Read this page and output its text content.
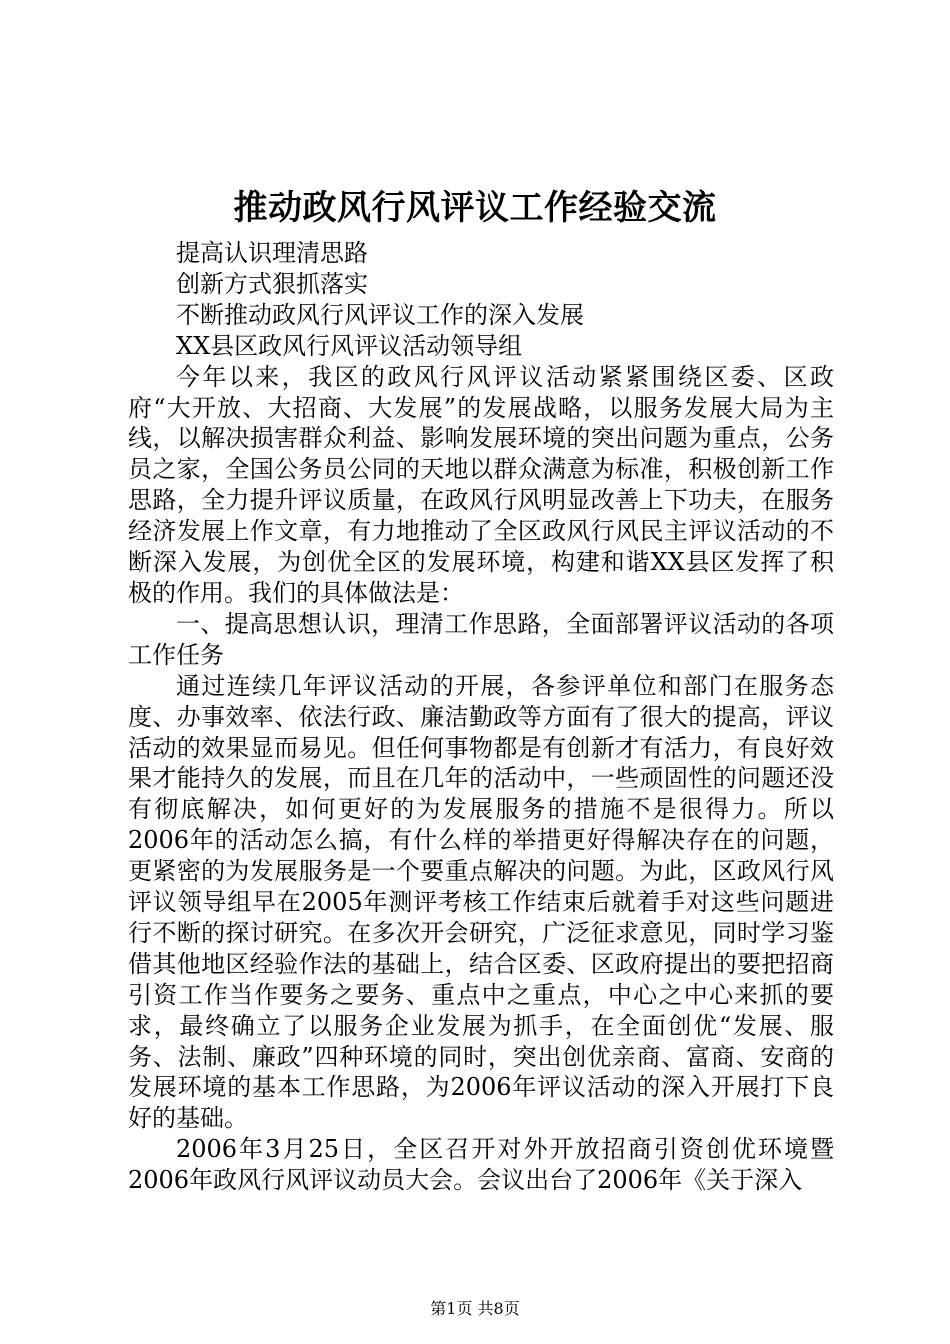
推动政风行风评议工作经验交流

提高认识理清思路

创新方式狠抓落实

不断推动政风行风评议工作的深入发展

XX县区政风行风评议活动领导组

今年以来，我区的政风行风评议活动紧紧围绕区委、区政府“大开放、大招商、大发展”的发展战略，以服务发展大局为主线，以解决损害群众利益、影响发展环境的突出问题为重点，公务员之家，全国公务员公同的天地以群众满意为标准，积极创新工作思路，全力提升评议质量，在政风行风明显改善上下功夫，在服务经济发展上作文章，有力地推动了全区政风行风民主评议活动的不断深入发展，为创优全区的发展环境，构建和谐XX县区发挥了积极的作用。我们的具体做法是：

一、提高思想认识，理清工作思路，全面部署评议活动的各项工作任务

通过连续几年评议活动的开展，各参评单位和部门在服务态度、办事效率、依法行政、廉洁勤政等方面有了很大的提高，评议活动的效果显而易见。但任何事物都是有创新才有活力，有良好效果才能持久的发展，而且在几年的活动中，一些顽固性的问题还没有彻底解决，如何更好的为发展服务的措施不是很得力。所以2006年的活动怎么搞，有什么样的举措更好得解决存在的问题，更紧密的为发展服务是一个要重点解决的问题。为此，区政风行风评议领导组早在2005年测评考核工作结束后就着手对这些问题进行不断的探讨研究。在多次开会研究，广泛征求意见，同时学习鉴借其他地区经验作法的基础上，结合区委、区政府提出的要把招商引资工作当作要务之要务、重点中之重点，中心之中心来抓的要求，最终确立了以服务企业发展为抓手，在全面创优“发展、服务、法制、廉政”四种环境的同时，突出创优亲商、富商、安商的发展环境的基本工作思路，为2006年评议活动的深入开展打下良好的基础。

2006年3月25日，全区召开对外开放招商引资创优环境暨2006年政风行风评议动员大会。会议出台了2006年《关于深入

第1页 共8页
